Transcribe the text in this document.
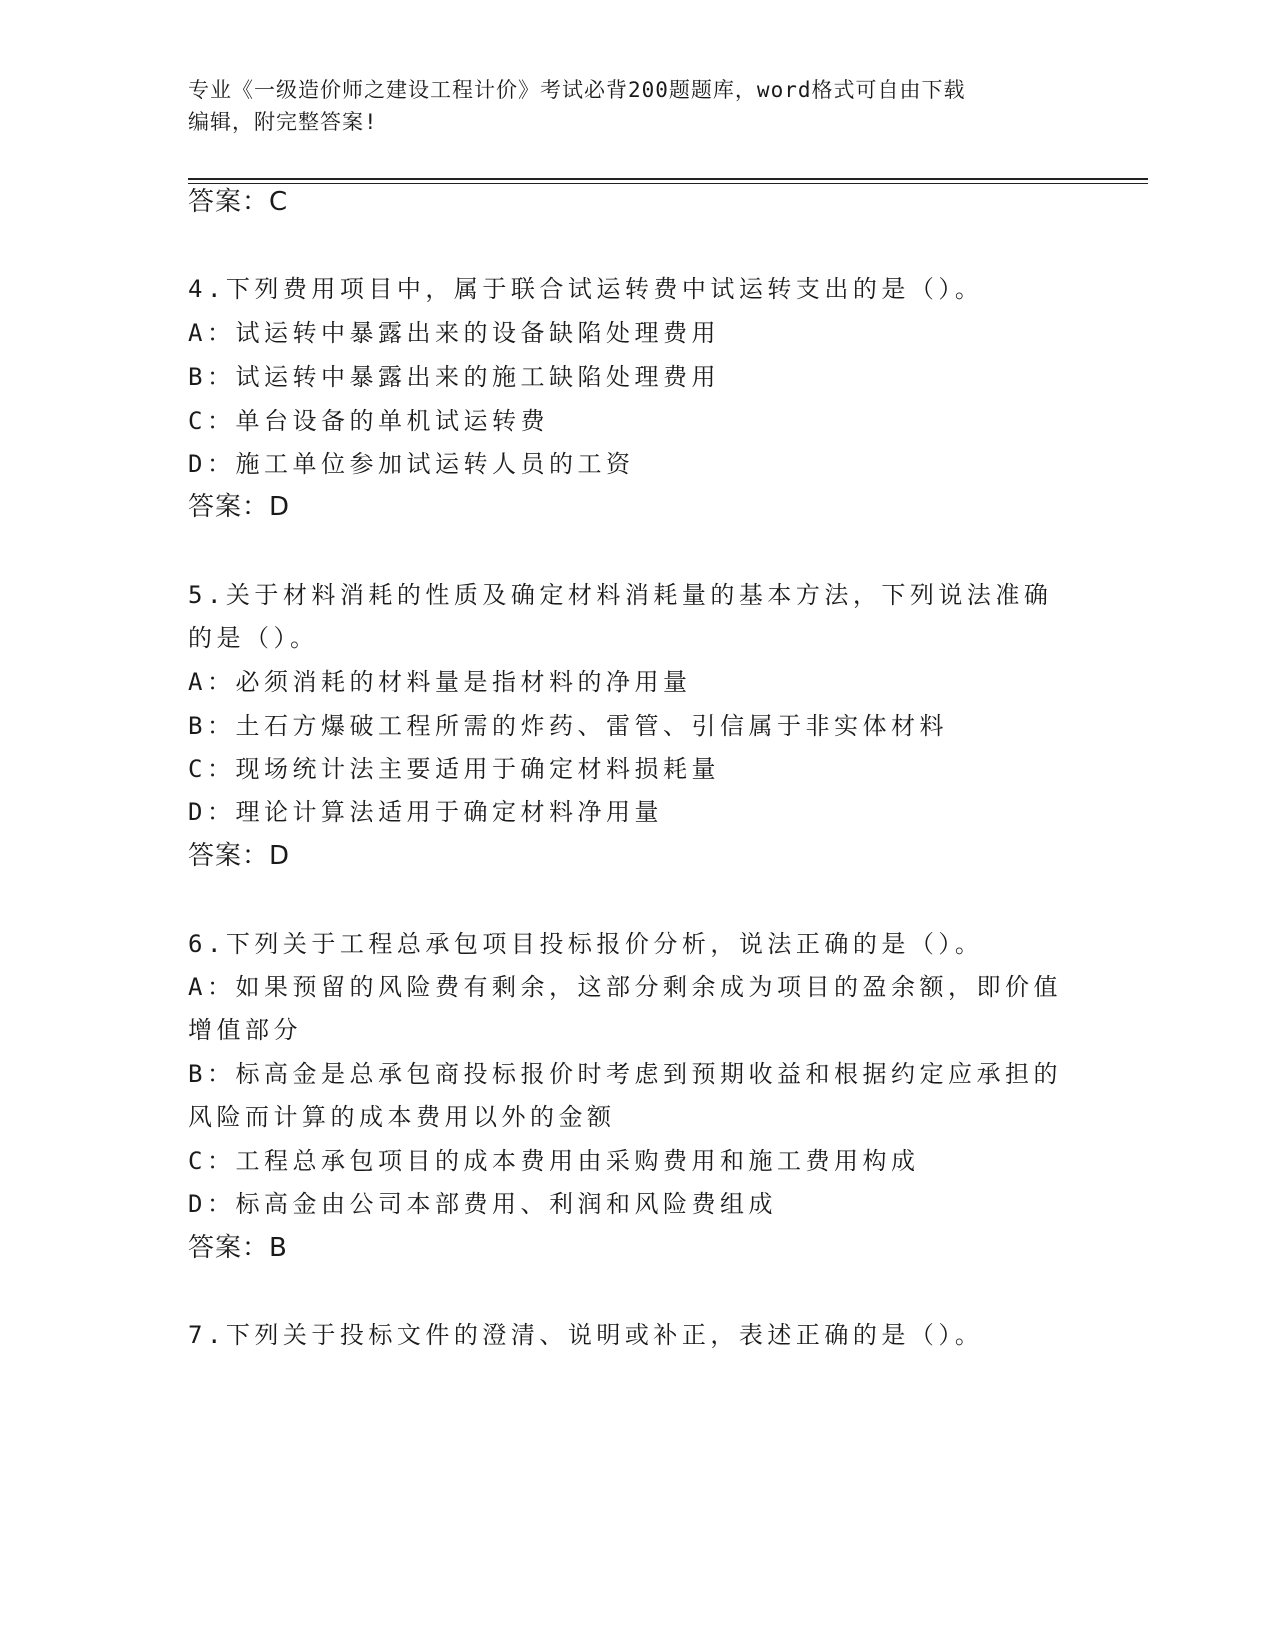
专业《一级造价师之建设工程计价》考试必背200题题库，word格式可自由下载
编辑，附完整答案!
答案：C
4.下列费用项目中，属于联合试运转费中试运转支出的是（）。
A：试运转中暴露出来的设备缺陷处理费用
B：试运转中暴露出来的施工缺陷处理费用
C：单台设备的单机试运转费
D：施工单位参加试运转人员的工资
答案：D
5.关于材料消耗的性质及确定材料消耗量的基本方法，下列说法准确
的是（）。
A：必须消耗的材料量是指材料的净用量
B：土石方爆破工程所需的炸药、雷管、引信属于非实体材料
C：现场统计法主要适用于确定材料损耗量
D：理论计算法适用于确定材料净用量
答案：D
6.下列关于工程总承包项目投标报价分析，说法正确的是（）。
A：如果预留的风险费有剩余，这部分剩余成为项目的盈余额，即价值
增值部分
B：标高金是总承包商投标报价时考虑到预期收益和根据约定应承担的
风险而计算的成本费用以外的金额
C：工程总承包项目的成本费用由采购费用和施工费用构成
D：标高金由公司本部费用、利润和风险费组成
答案：B
7.下列关于投标文件的澄清、说明或补正，表述正确的是（）。
